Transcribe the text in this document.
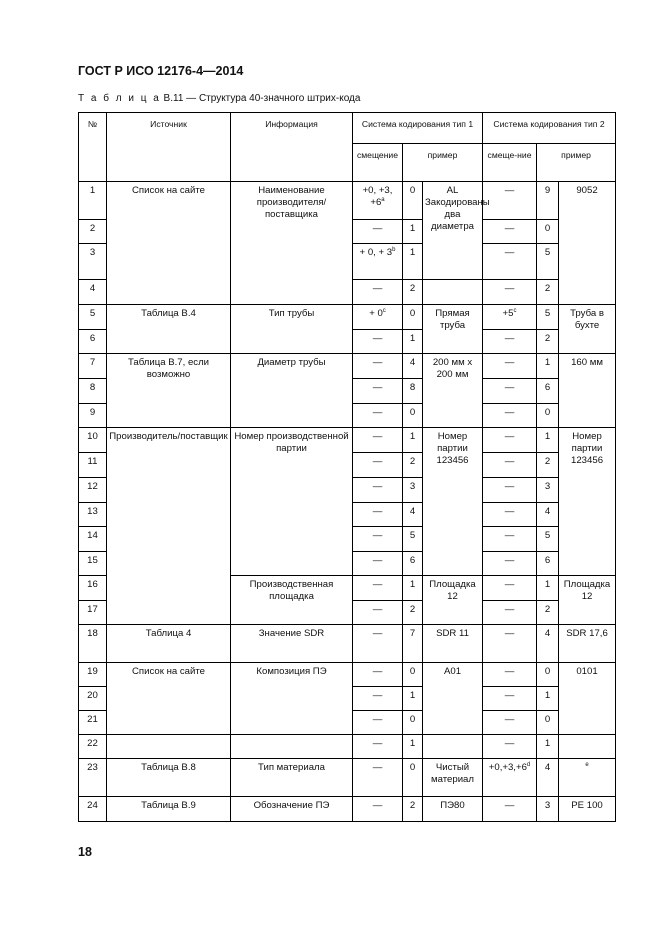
ГОСТ Р ИСО 12176-4—2014
Т а б л и ц а В.11 — Структура 40-значного штрих-кода
№	Источник	Информация	Система кодирования тип 1			Система кодирования тип 2		
			смещение	пример		смеще-ние	пример	
1	Список на сайте	Наименование производителя/поставщика	+0, +3, $+6^a$	0	AL Закодированы два диаметра	—	9	9052
2			—	1		—	0	
3			+ 0, + $3^b$	1		—	5	
4			—	2		—	2	
5	Таблица В.4	Тип трубы	+ $0^c$	0	Прямая труба	$+5^c$	5	Труба в бухте
6			—	1		—	2	
7	Таблица В.7, если возможно	Диаметр трубы	—	4	200 мм x 200 мм	—	1	160 мм
8			—	8		—	6	
9			—	0		—	0	
10	Производитель/поставщик	Номер производственной партии	—	1	Номер партии 123456	—	1	Номер партии 123456
11			—	2		—	2	
12			—	3		—	3	
13			—	4		—	4	
14			—	5		—	5	
15			—	6		—	6	
16		Производственная площадка	—	1	Площадка 12	—	1	Площадка 12
17			—	2		—	2	
18	Таблица 4	Значение SDR	—	7	SDR 11	—	4	SDR 17,6
19	Список на сайте	Композиция ПЭ	—	0	A01	—	0	0101
20			—	1		—	1	
21			—	0		—	0	
22			—	1		—	1	
23	Таблица В.8	Тип материала	—	0	Чистый материал	$+0,+3,+6^d$	4	$^e$
24	Таблица В.9	Обозначение ПЭ	—	2	ПЭ80	—	3	PE 100
18
